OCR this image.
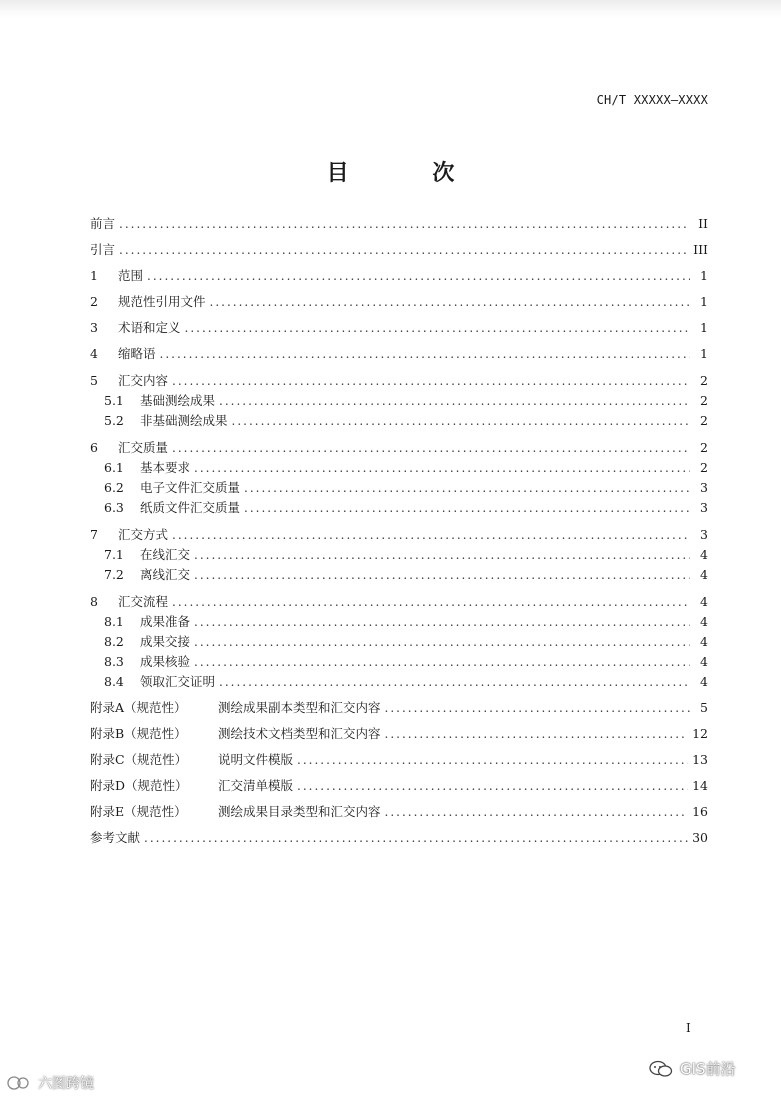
CH/T XXXXX—XXXX
目 次
前言 .....	II
引言 .....	III
1	范围 .....	1
2	规范性引用文件 .....	1
3	术语和定义 .....	1
4	缩略语 .....	1
5	汇交内容 .....	2
5.1	基础测绘成果 .....	2
5.2	非基础测绘成果 .....	2
6	汇交质量 .....	2
6.1	基本要求 .....	2
6.2	电子文件汇交质量 .....	3
6.3	纸质文件汇交质量 .....	3
7	汇交方式 .....	3
7.1	在线汇交 .....	4
7.2	离线汇交 .....	4
8	汇交流程 .....	4
8.1	成果准备 .....	4
8.2	成果交接 .....	4
8.3	成果核验 .....	4
8.4	领取汇交证明 .....	4
附录A（规范性）	测绘成果副本类型和汇交内容 .....	5
附录B（规范性）	测绘技术文档类型和汇交内容 .....	12
附录C（规范性）	说明文件模版 .....	13
附录D（规范性）	汇交清单模版 .....	14
附录E（规范性）	测绘成果目录类型和汇交内容 .....	16
参考文献 .....	30
I
GIS前沿
六图跨镜
